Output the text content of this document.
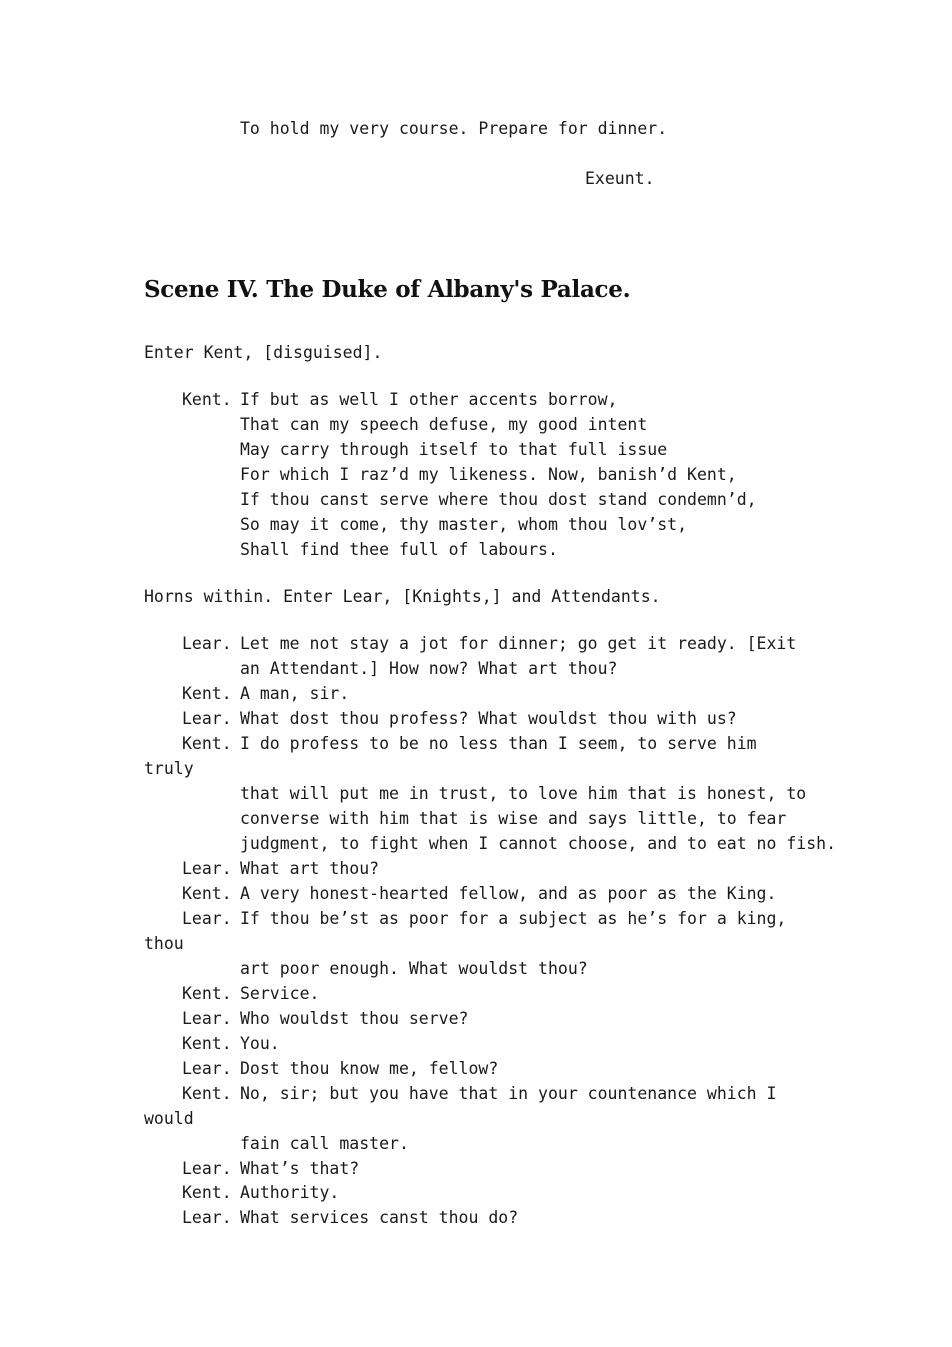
To hold my very course. Prepare for dinner.
Exeunt.
Scene IV. The Duke of Albany's Palace.
Enter Kent, [disguised].
Kent. If but as well I other accents borrow,
That can my speech defuse, my good intent
May carry through itself to that full issue
For which I raz’d my likeness. Now, banish’d Kent,
If thou canst serve where thou dost stand condemn’d,
So may it come, thy master, whom thou lov’st,
Shall find thee full of labours.
Horns within. Enter Lear, [Knights,] and Attendants.
Lear. Let me not stay a jot for dinner; go get it ready. [Exit
an Attendant.] How now? What art thou?
Kent. A man, sir.
Lear. What dost thou profess? What wouldst thou with us?
Kent. I do profess to be no less than I seem, to serve him
truly
that will put me in trust, to love him that is honest, to
converse with him that is wise and says little, to fear
judgment, to fight when I cannot choose, and to eat no fish.
Lear. What art thou?
Kent. A very honest-hearted fellow, and as poor as the King.
Lear. If thou be’st as poor for a subject as he’s for a king,
thou
art poor enough. What wouldst thou?
Kent. Service.
Lear. Who wouldst thou serve?
Kent. You.
Lear. Dost thou know me, fellow?
Kent. No, sir; but you have that in your countenance which I
would
fain call master.
Lear. What’s that?
Kent. Authority.
Lear. What services canst thou do?
